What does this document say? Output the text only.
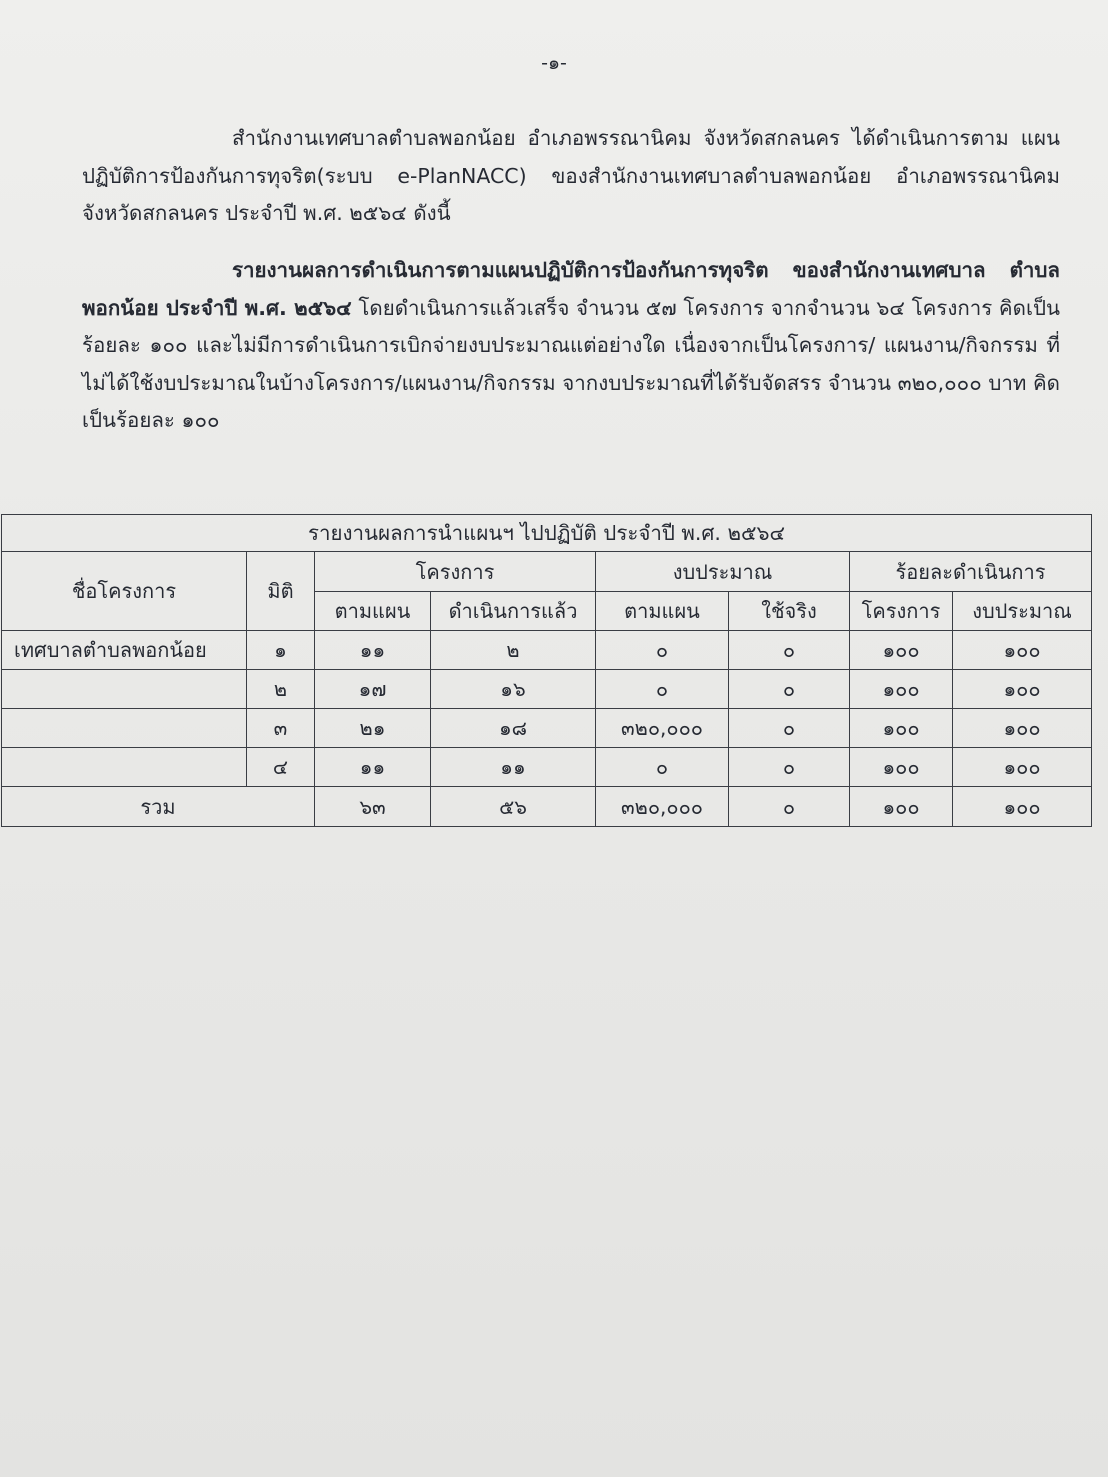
-๑-

สำนักงานเทศบาลตำบลพอกน้อย อำเภอพรรณานิคม จังหวัดสกลนคร ได้ดำเนินการตาม แผนปฏิบัติการป้องกันการทุจริต(ระบบ e-PlanNACC) ของสำนักงานเทศบาลตำบลพอกน้อย อำเภอพรรณานิคม จังหวัดสกลนคร ประจำปี พ.ศ. ๒๕๖๔ ดังนี้

รายงานผลการดำเนินการตามแผนปฏิบัติการป้องกันการทุจริต ของสำนักงานเทศบาล ตำบลพอกน้อย ประจำปี พ.ศ. ๒๕๖๔ โดยดำเนินการแล้วเสร็จ จำนวน ๕๗ โครงการ จากจำนวน ๖๔ โครงการ คิดเป็นร้อยละ ๑๐๐ และไม่มีการดำเนินการเบิกจ่ายงบประมาณแต่อย่างใด เนื่องจากเป็นโครงการ/ แผนงาน/กิจกรรม ที่ไม่ได้ใช้งบประมาณในบ้างโครงการ/แผนงาน/กิจกรรม จากงบประมาณที่ได้รับจัดสรร จำนวน ๓๒๐,๐๐๐ บาท คิดเป็นร้อยละ ๑๐๐

รายงานผลการนำแผนฯ ไปปฏิบัติ ประจำปี พ.ศ. ๒๕๖๔							
ชื่อโครงการ	มิติ	โครงการ		งบประมาณ		ร้อยละดำเนินการ	
		ตามแผน	ดำเนินการแล้ว	ตามแผน	ใช้จริง	โครงการ	งบประมาณ
เทศบาลตำบลพอกน้อย	๑	๑๑	๒	๐	๐	๑๐๐	๑๐๐
	๒	๑๗	๑๖	๐	๐	๑๐๐	๑๐๐
	๓	๒๑	๑๘	๓๒๐,๐๐๐	๐	๑๐๐	๑๐๐
	๔	๑๑	๑๑	๐	๐	๑๐๐	๑๐๐
รวม		๖๓	๕๖	๓๒๐,๐๐๐	๐	๑๐๐	๑๐๐
